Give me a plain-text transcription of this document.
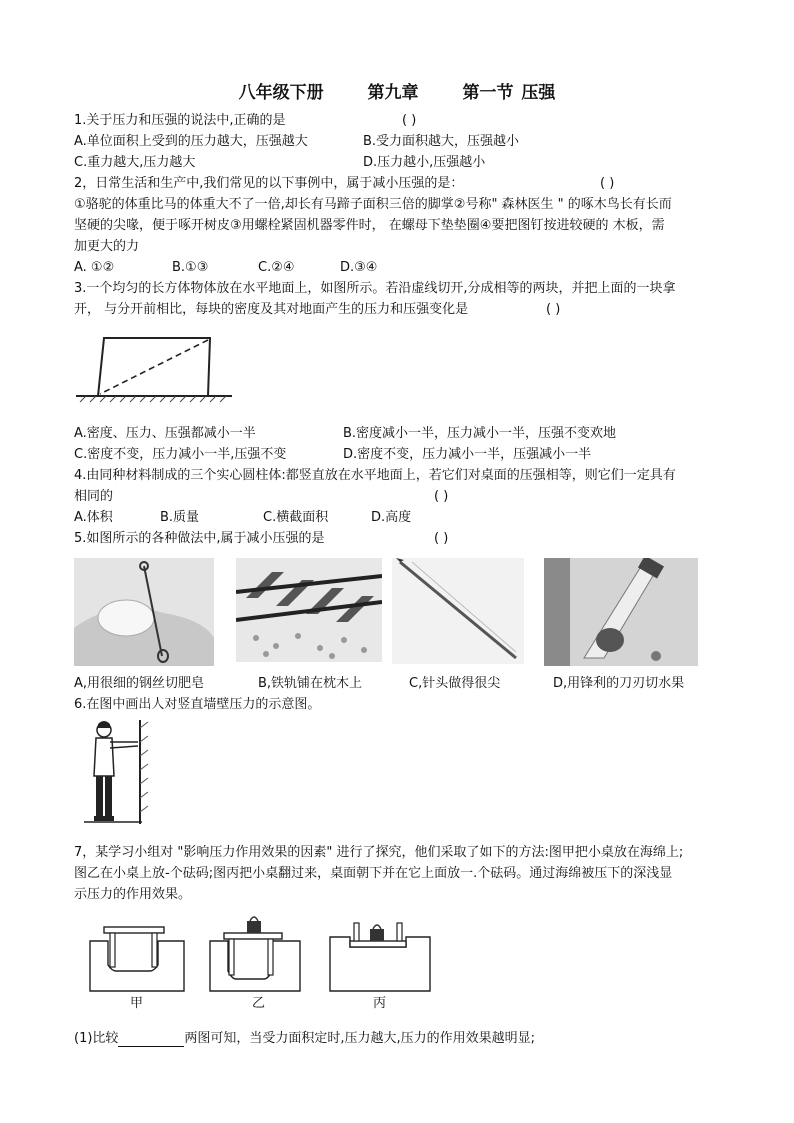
八年级下册	第九章	第一节 压强
1.关于压力和压强的说法中,正确的是	( )
A.单位面积上受到的压力越大，压强越大	B.受力面积越大，压强越小
C.重力越大,压力越大	D.压力越小,压强越小
2，日常生活和生产中,我们常见的以下事例中，属于减小压强的是：	( )
①骆驼的体重比马的体重大不了一倍,却长有马蹄子面积三倍的脚掌②号称" 森林医生 " 的啄木鸟长有长而
坚硬的尖喙，便于啄开树皮③用螺栓紧固机器零件时， 在螺母下垫垫圈④要把图钉按进较硬的 木板，需
加更大的力
A. ①②	B.①③	C.②④	D.③④
3.一个均匀的长方体物体放在水平地面上，如图所示。若沿虚线切开,分成相等的两块，并把上面的一块拿
开， 与分开前相比，每块的密度及其对地面产生的压力和压强变化是	( )
A.密度、压力、压强都减小一半	B.密度减小一半，压力减小一半，压强不变欢地
C.密度不变，压力减小一半,压强不变	D.密度不变，压力减小一半，压强减小一半
4.由同种材料制成的三个实心圆柱体:都竖直放在水平地面上，若它们对桌面的压强相等，则它们一定具有
相同的	( )
A.体积	B.质量	C.横截面积	D.高度
5.如图所示的各种做法中,属于减小压强的是	( )
A,用很细的钢丝切肥皂	B,铁轨铺在枕木上	C,针头做得很尖	D,用锋利的刀刃切水果
6.在图中画出人对竖直墙壁压力的示意图。
7，某学习小组对 "影响压力作用效果的因素" 进行了探究，他们采取了如下的方法:图甲把小桌放在海绵上;
图乙在小桌上放-个砝码;图丙把小桌翻过来，桌面朝下并在它上面放一.个砝码。通过海绵被压下的深浅显
示压力的作用效果。
甲	乙	丙
(1)比较	两图可知，当受力面积定时,压力越大,压力的作用效果越明显;
